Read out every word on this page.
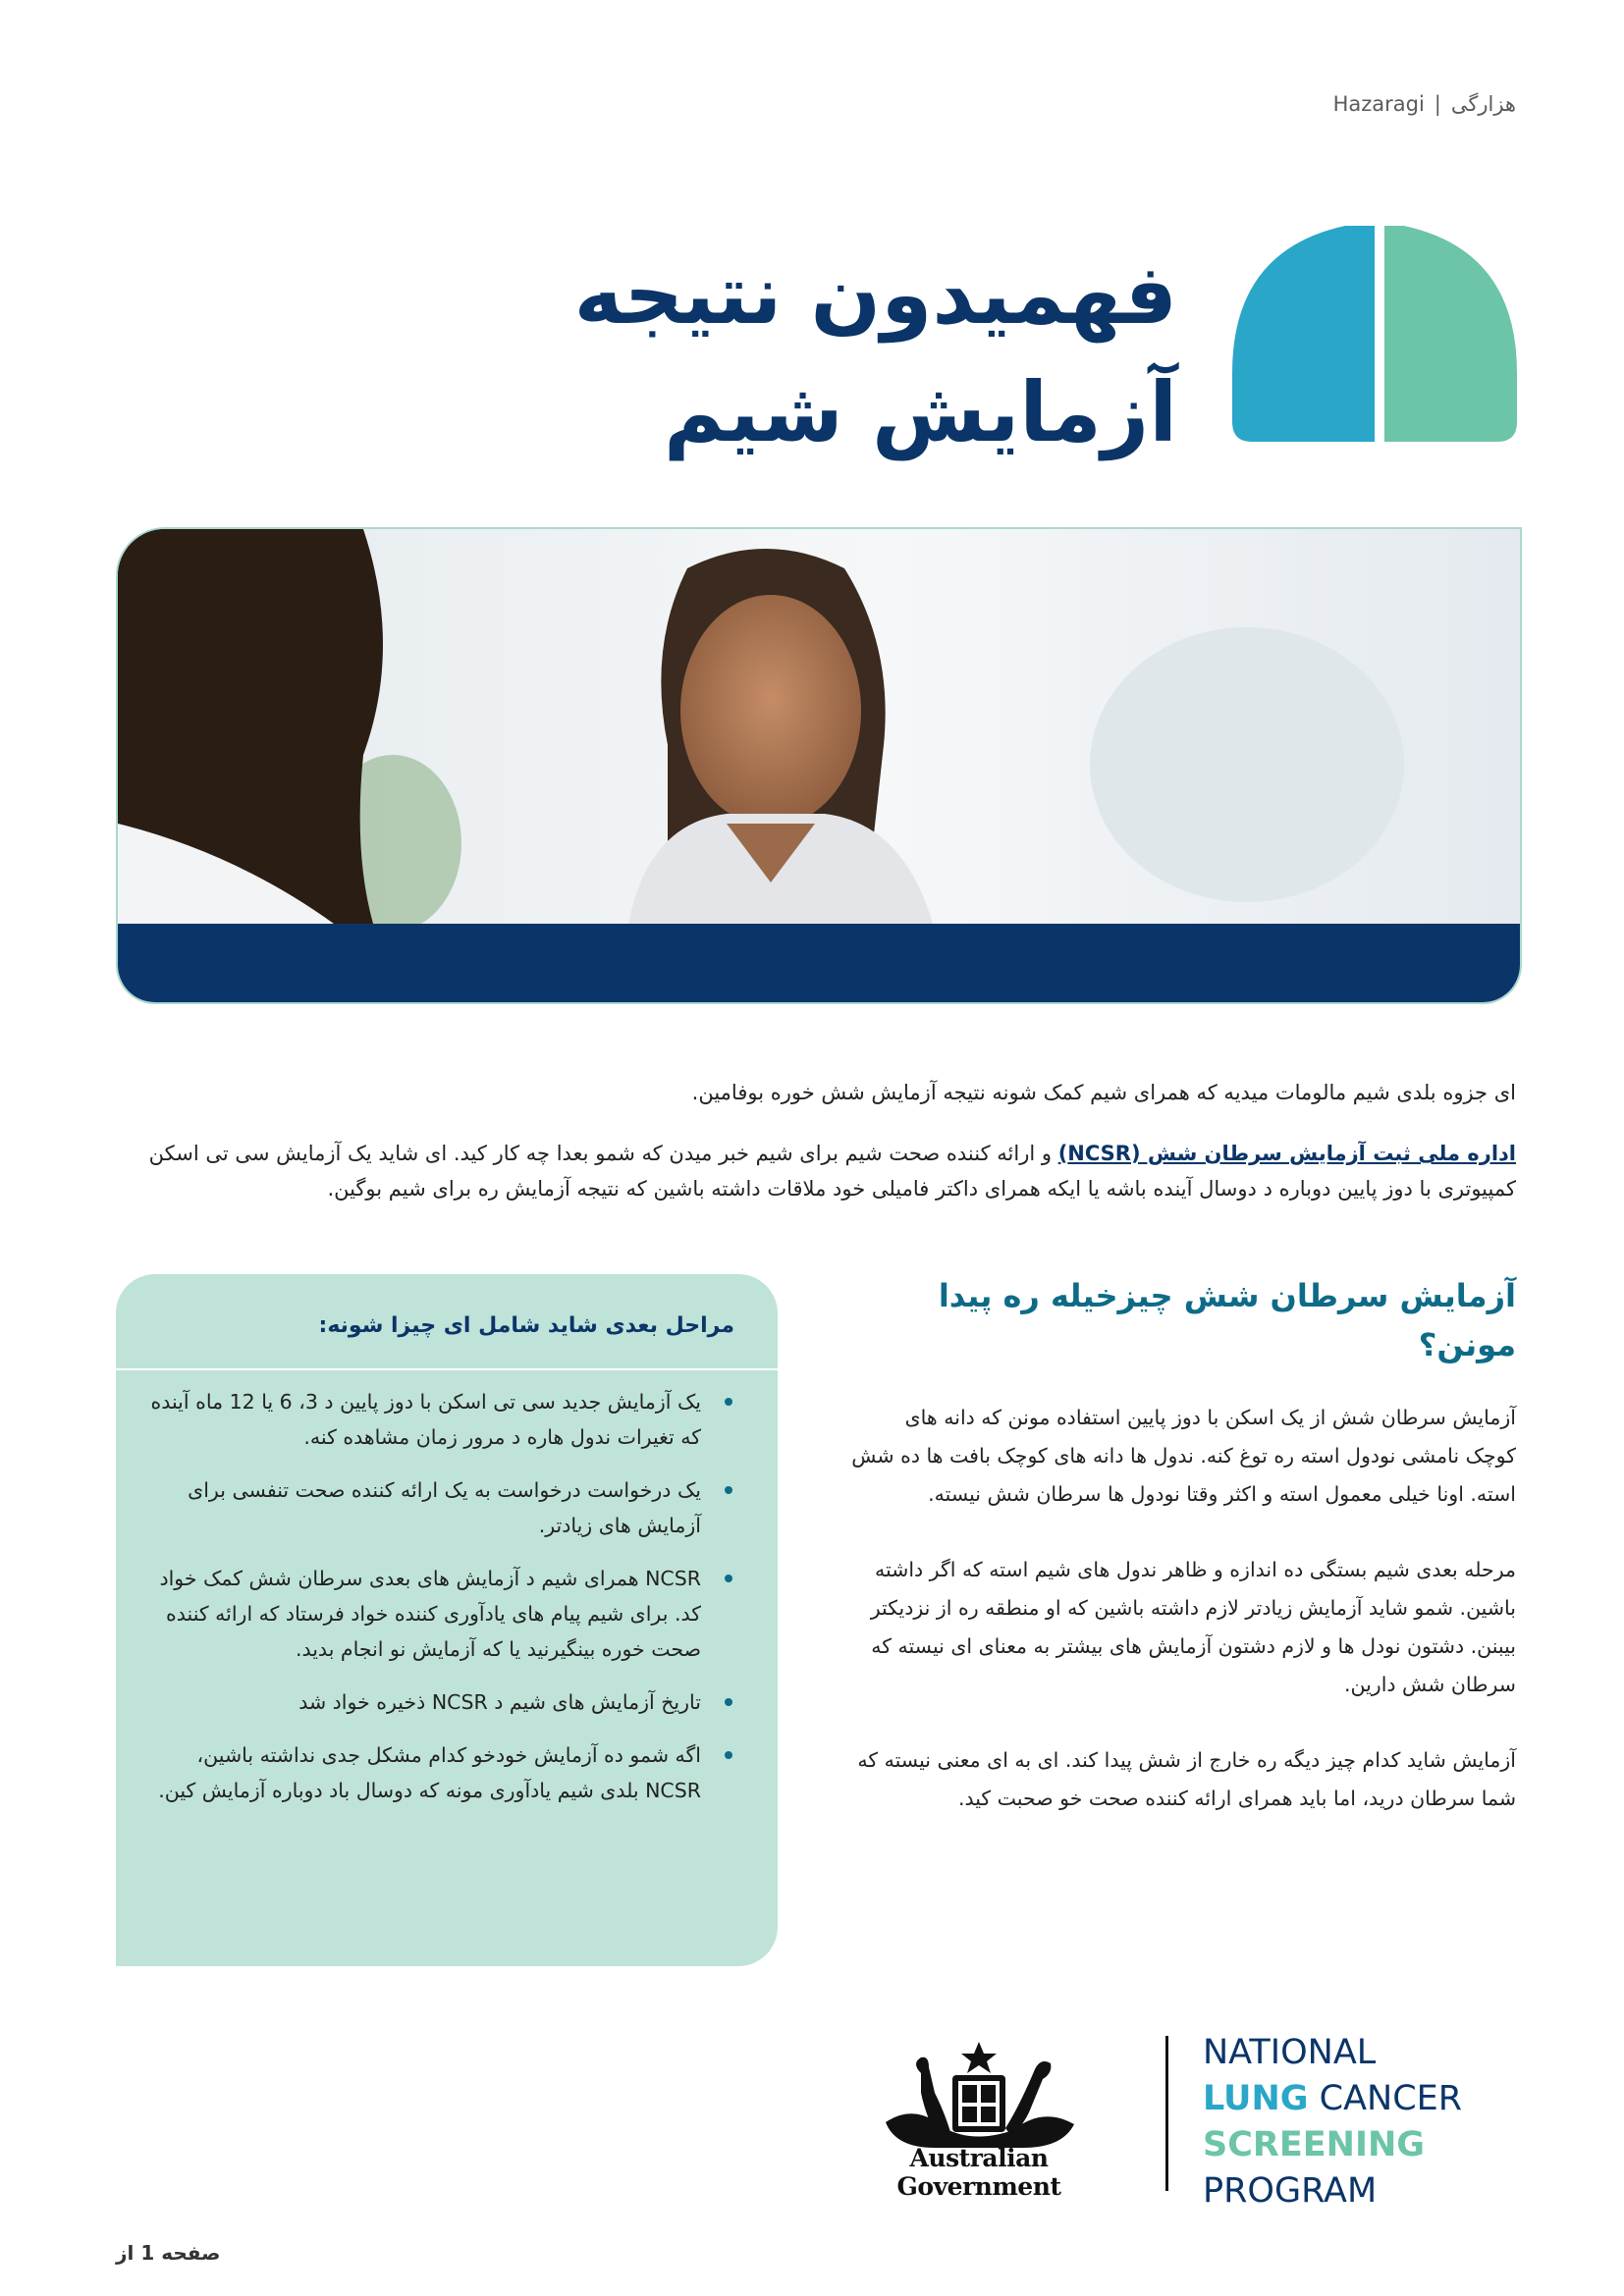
Hazaragi | هزارگی
فهمیدون نتیجه
آزمایش شیم

ای جزوه بلدی شیم مالومات میدیه که همرای شیم کمک شونه نتیجه آزمایش شش خوره بوفامین.

اداره ملی ثبت آزمایش سرطان شش (NCSR) و ارائه کننده صحت شیم برای شیم خبر میدن که شمو بعدا چه کار کید. ای شاید یک آزمایش سی تی اسکن کمپیوتری با دوز پایین دوباره د دوسال آینده باشه یا ایکه همرای داکتر فامیلی خود ملاقات داشته باشین که نتیجه آزمایش ره برای شیم بوگین.

آزمایش سرطان شش چیزخیله ره پیدا مونن؟

آزمایش سرطان شش از یک اسکن با دوز پایین استفاده مونن که دانه های کوچک نامشی نودول استه ره توغ کنه. ندول ها دانه های کوچک بافت ها ده شش استه. اونا خیلی معمول استه و اکثر وقتا نودول ها سرطان شش نیسته.

مرحله بعدی شیم بستگی ده اندازه و ظاهر ندول های شیم استه که اگر داشته باشین. شمو شاید آزمایش زیادتر لازم داشته باشین که او منطقه ره از نزدیکتر بیبنن. دشتون نودل ها و لازم دشتون آزمایش های بیشتر به معنای ای نیسته که سرطان شش دارین.

آزمایش شاید کدام چیز دیگه ره خارج از شش پیدا کند. ای به ای معنی نیسته که شما سرطان درید، اما باید همرای ارائه کننده صحت خو صحبت کید.

مراحل بعدی شاید شامل ای چیزا شونه:
یک آزمایش جدید سی تی اسکن با دوز پایین د 3، 6 یا 12 ماه آینده که تغیرات ندول هاره د مرور زمان مشاهده کنه.
یک درخواست درخواست به یک ارائه کننده صحت تنفسی برای آزمایش های زیادتر.
NCSR همرای شیم د آزمایش های بعدی سرطان شش کمک خواد کد. برای شیم پیام های یادآوری کننده خواد فرستاد که ارائه کننده صحت خوره بینگیرنید یا که آزمایش نو انجام بدید.
تاریخ آزمایش های شیم د NCSR ذخیره خواد شد
اگه شمو ده آزمایش خودخو کدام مشکل جدی نداشته باشین، NCSR بلدی شیم یادآوری مونه که دوسال باد دوباره آزمایش کین.
Australian Government
NATIONAL
LUNG CANCER
SCREENING
PROGRAM
صفحه 1 از
